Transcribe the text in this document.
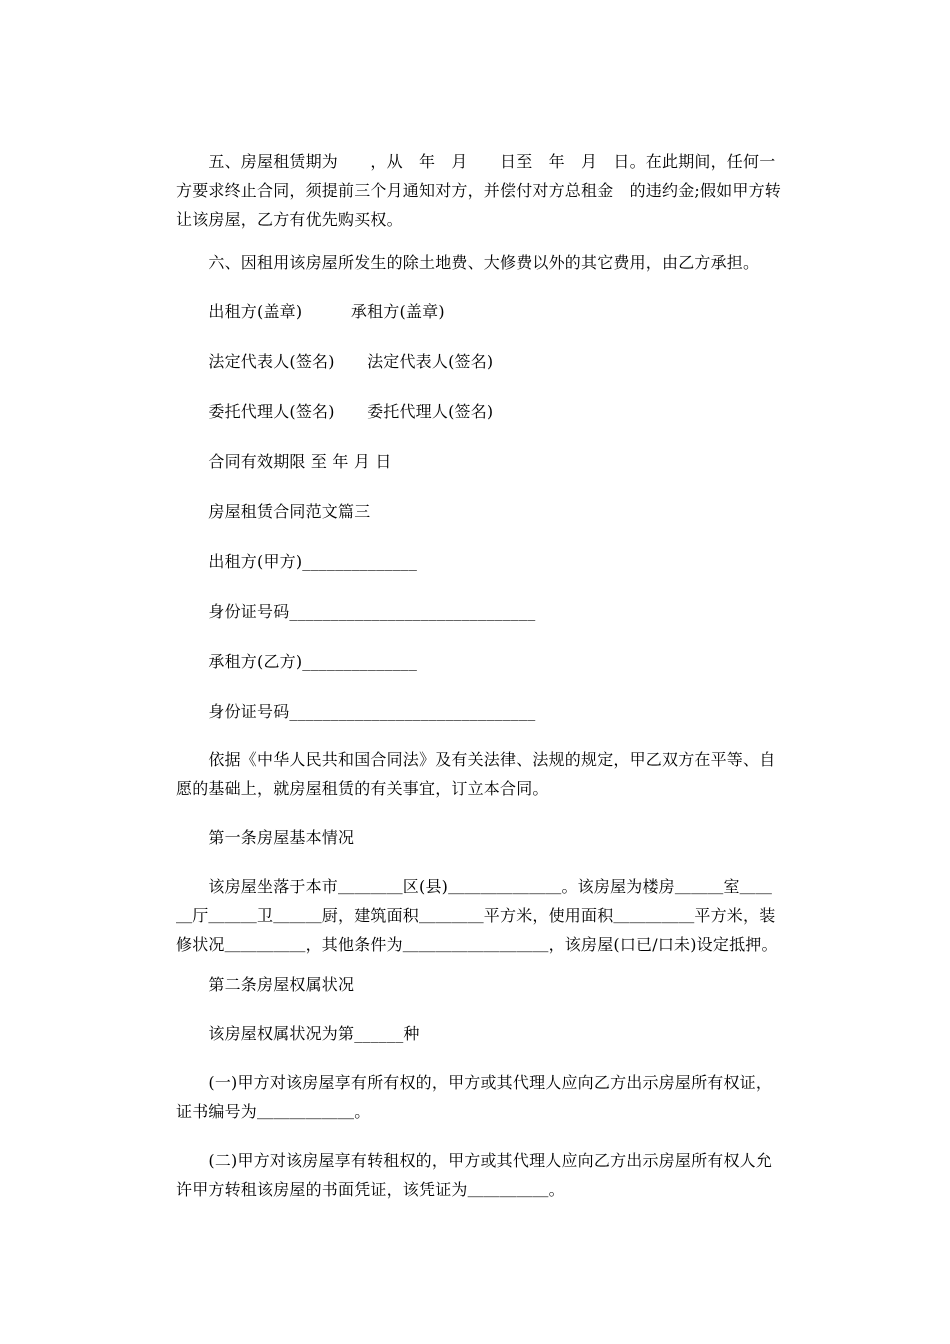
　　五、房屋租赁期为　　，从　年　月　　日至　年　月　日。在此期间，任何一方要求终止合同，须提前三个月通知对方，并偿付对方总租金　的违约金;假如甲方转让该房屋，乙方有优先购买权。

　　六、因租用该房屋所发生的除土地费、大修费以外的其它费用，由乙方承担。

　　出租方(盖章)　　　承租方(盖章)

　　法定代表人(签名)　　法定代表人(签名)

　　委托代理人(签名)　　委托代理人(签名)

　　合同有效期限 至 年 月 日

　　房屋租赁合同范文篇三

　　出租方(甲方)______________

　　身份证号码______________________________

　　承租方(乙方)______________

　　身份证号码______________________________

　　依据《中华人民共和国合同法》及有关法律、法规的规定，甲乙双方在平等、自愿的基础上，就房屋租赁的有关事宜，订立本合同。

　　第一条房屋基本情况

　　该房屋坐落于本市＿＿＿＿区(县)＿＿＿＿＿＿＿。该房屋为楼房＿＿＿室＿＿＿厅＿＿＿卫＿＿＿厨，建筑面积＿＿＿＿平方米，使用面积＿＿＿＿＿平方米，装修状况＿＿＿＿＿，其他条件为＿＿＿＿＿＿＿＿＿，该房屋(口已/口未)设定抵押。

　　第二条房屋权属状况

　　该房屋权属状况为第______种

　　(一)甲方对该房屋享有所有权的，甲方或其代理人应向乙方出示房屋所有权证，证书编号为＿＿＿＿＿＿。

　　(二)甲方对该房屋享有转租权的，甲方或其代理人应向乙方出示房屋所有权人允许甲方转租该房屋的书面凭证，该凭证为＿＿＿＿＿。
